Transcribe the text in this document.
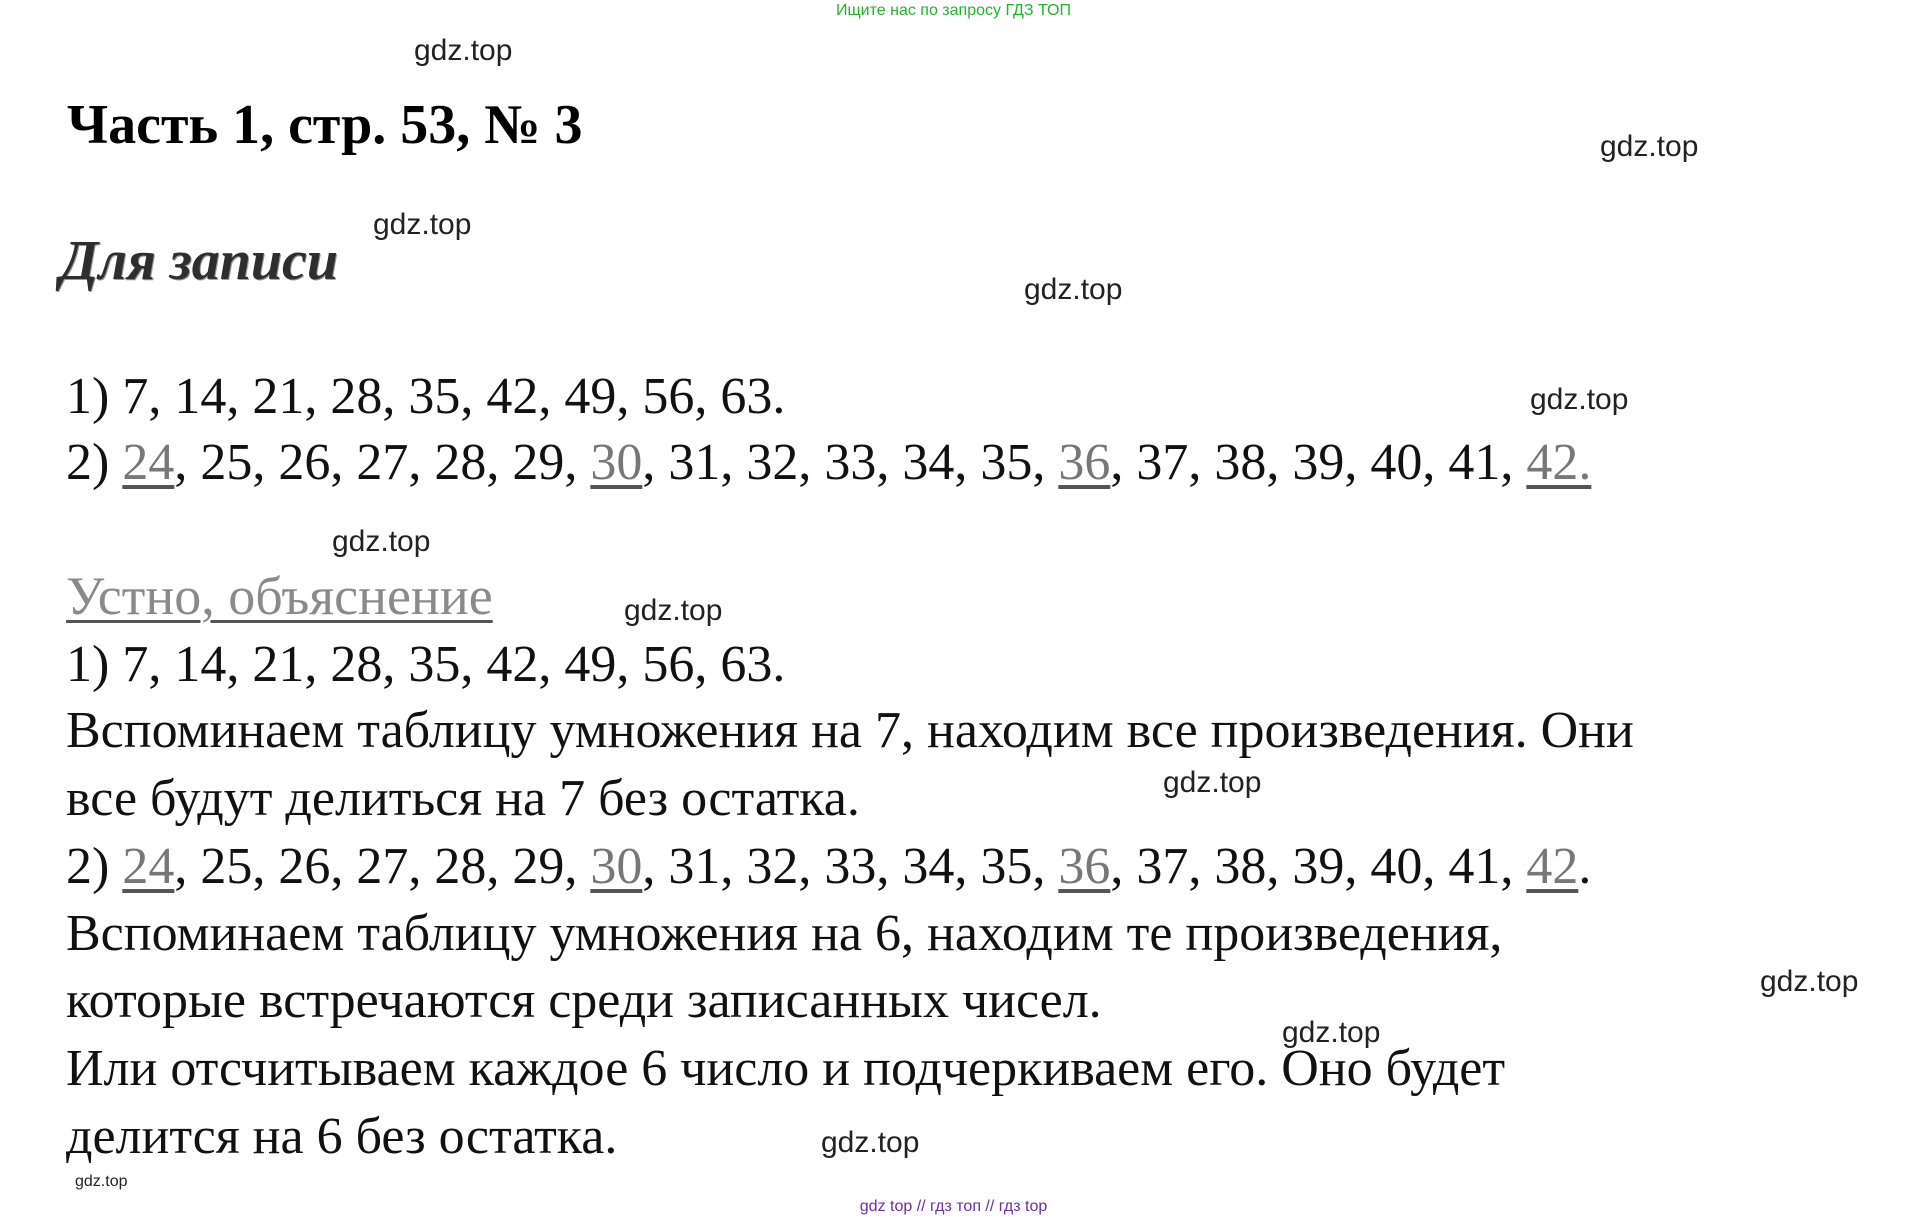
Ищите нас по запросу ГДЗ ТОП
gdz.top
gdz.top
gdz.top
gdz.top
gdz.top
gdz.top
gdz.top
gdz.top
gdz.top
gdz.top
gdz.top
gdz.top
Часть 1, стр. 53, № 3
Для записи
1) 7, 14, 21, 28, 35, 42, 49, 56, 63.
2) 24, 25, 26, 27, 28, 29, 30, 31, 32, 33, 34, 35, 36, 37, 38, 39, 40, 41, 42.
Устно, объяснение
1) 7, 14, 21, 28, 35, 42, 49, 56, 63.
Вспоминаем таблицу умножения на 7, находим все произведения. Они
все будут делиться на 7 без остатка.
2) 24, 25, 26, 27, 28, 29, 30, 31, 32, 33, 34, 35, 36, 37, 38, 39, 40, 41, 42.
Вспоминаем таблицу умножения на 6, находим те произведения,
которые встречаются среди записанных чисел.
Или отсчитываем каждое 6 число и подчеркиваем его. Оно будет
делится на 6 без остатка.
gdz top // гдз топ // гдз top
